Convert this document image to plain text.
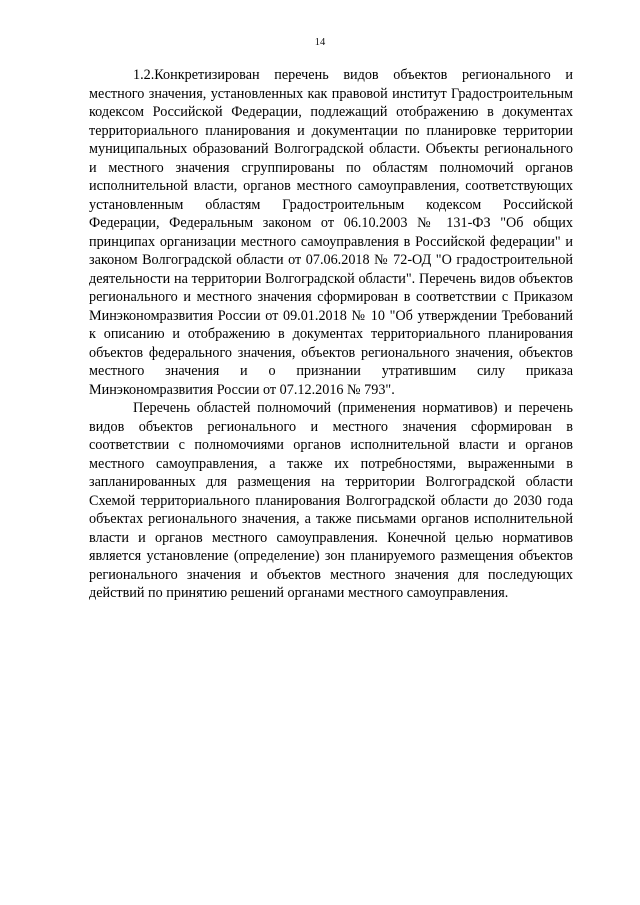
14

1.2.Конкретизирован перечень видов объектов регионального и местного значения, установленных как правовой институт Градостроительным кодексом Российской Федерации, подлежащий отображению в документах территориального планирования и документации по планировке территории муниципальных образований Волгоградской области. Объекты регионального и местного значения сгруппированы по областям полномочий органов исполнительной власти, органов местного самоуправления, соответствующих установленным областям Градостроительным кодексом Российской Федерации, Федеральным законом от 06.10.2003 № 131-ФЗ "Об общих принципах организации местного самоуправления в Российской федерации" и законом Волгоградской области от 07.06.2018 № 72-ОД "О градостроительной деятельности на территории Волгоградской области". Перечень видов объектов регионального и местного значения сформирован в соответствии с Приказом Минэкономразвития России от 09.01.2018 № 10 "Об утверждении Требований к описанию и отображению в документах территориального планирования объектов федерального значения, объектов регионального значения, объектов местного значения и о признании утратившим силу приказа Минэкономразвития России от 07.12.2016 № 793".

Перечень областей полномочий (применения нормативов) и перечень видов объектов регионального и местного значения сформирован в соответствии с полномочиями органов исполнительной власти и органов местного самоуправления, а также их потребностями, выраженными в запланированных для размещения на территории Волгоградской области Схемой территориального планирования Волгоградской области до 2030 года объектах регионального значения, а также письмами органов исполнительной власти и органов местного самоуправления. Конечной целью нормативов является установление (определение) зон планируемого размещения объектов регионального значения и объектов местного значения для последующих действий по принятию решений органами местного самоуправления.
